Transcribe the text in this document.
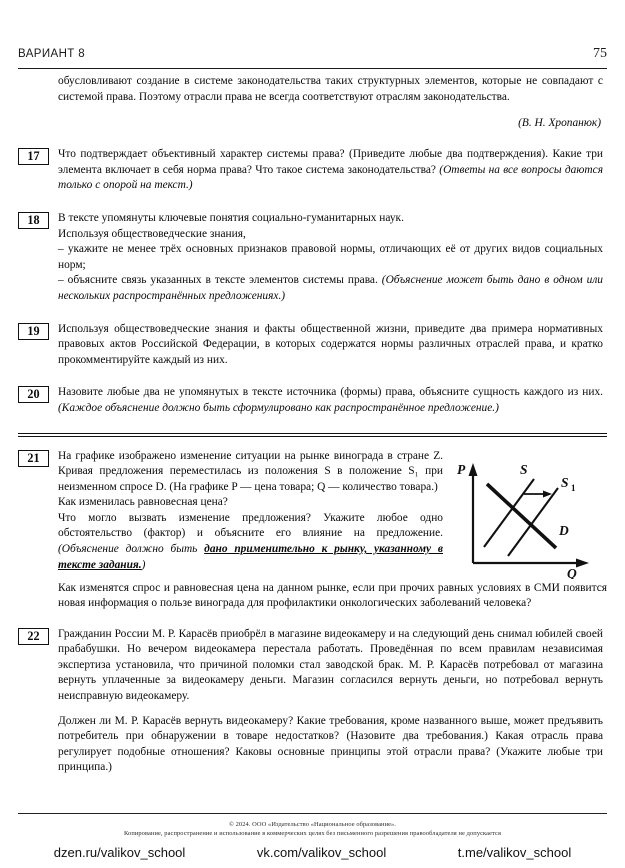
ВАРИАНТ 8	75

обусловливают создание в системе законодательства таких структурных элементов, которые не совпадают с системой права. Поэтому отрасли права не всегда соответствуют отраслям законодательства.

(В. Н. Хропанюк)

17	Что подтверждает объективный характер системы права? (Приведите любые два подтверждения). Какие три элемента включает в себя норма права? Что такое система законодательства? (Ответы на все вопросы даются только с опорой на текст.)

18	В тексте упомянуты ключевые понятия социально-гуманитарных наук.

Используя обществоведческие знания,

– укажите не менее трёх основных признаков правовой нормы, отличающих её от других видов социальных норм;

– объясните связь указанных в тексте элементов системы права. (Объяснение может быть дано в одном или нескольких распространённых предложениях.)

19	Используя обществоведческие знания и факты общественной жизни, приведите два примера нормативных правовых актов Российской Федерации, в которых содержатся нормы различных отраслей права, и кратко прокомментируйте каждый из них.

20	Назовите любые два не упомянутых в тексте источника (формы) права, объясните сущность каждого из них. (Каждое объяснение должно быть сформулировано как распространённое предложение.)

21	На графике изображено изменение ситуации на рынке винограда в стране Z. Кривая предложения переместилась из положения S в положение S₁ при неизменном спросе D. (На графике P — цена товара; Q — количество товара.)

Как изменилась равновесная цена?

Что могло вызвать изменение предложения? Укажите любое одно обстоятельство (фактор) и объясните его влияние на предложение. (Объяснение должно быть дано применительно к рынку, указанному в тексте задания.)

P
Q
S
S 1
D

Как изменятся спрос и равновесная цена на данном рынке, если при прочих равных условиях в СМИ появится новая информация о пользе винограда для профилактики онкологических заболеваний человека?

22	Гражданин России М. Р. Карасёв приобрёл в магазине видеокамеру и на следующий день снимал юбилей своей прабабушки. Но вечером видеокамера перестала работать. Проведённая по всем правилам независимая экспертиза установила, что причиной поломки стал заводской брак. М. Р. Карасёв потребовал от магазина вернуть уплаченные за видеокамеру деньги. Магазин согласился вернуть деньги, но потребовал вернуть неисправную видеокамеру.

Должен ли М. Р. Карасёв вернуть видеокамеру? Какие требования, кроме названного выше, может предъявить потребитель при обнаружении в товаре недостатков? (Назовите два требования.) Какая отрасль права регулирует подобные отношения? Каковы основные принципы этой отрасли права? (Укажите любые три принципа.)

© 2024. ООО «Издательство «Национальное образование».
Копирование, распространение и использование в коммерческих целях без письменного разрешения правообладателя не допускается
dzen.ru/valikov_school	vk.com/valikov_school	t.me/valikov_school
